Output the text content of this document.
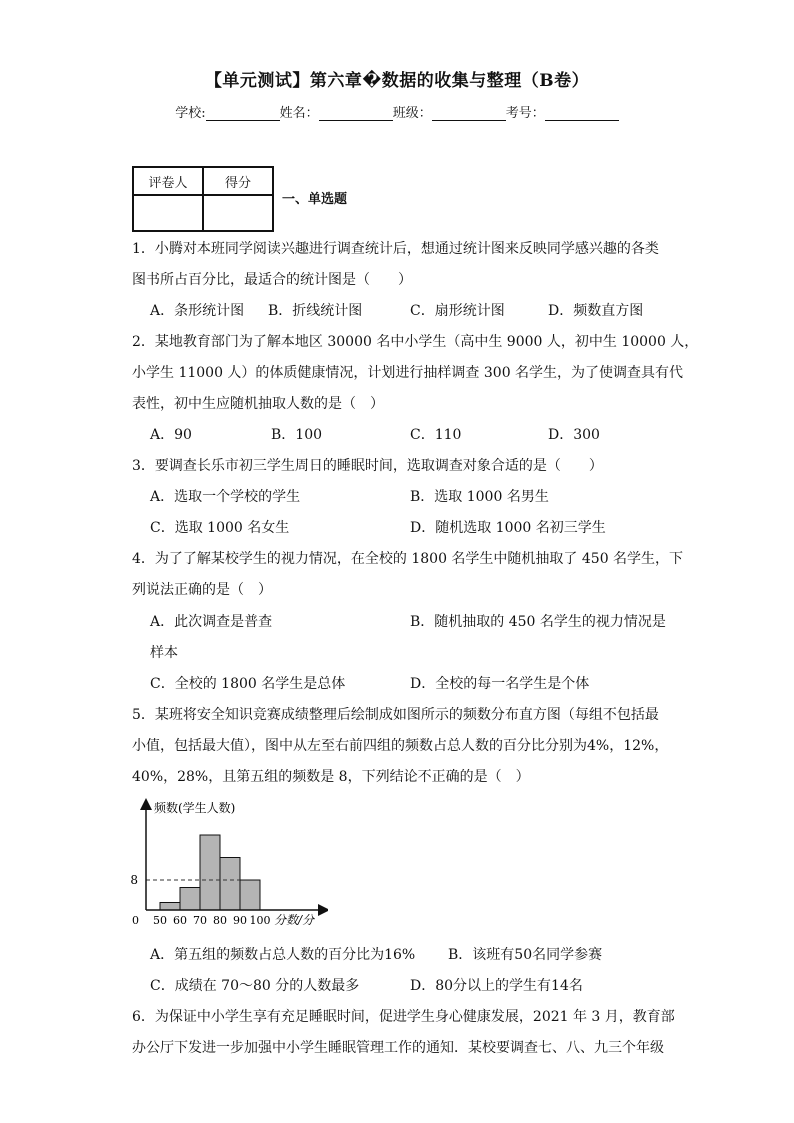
【单元测试】第六章�数据的收集与整理（B卷）
学校:	姓名：	班级：	考号：
评卷人	得分

一、单选题
1．小腾对本班同学阅读兴趣进行调查统计后，想通过统计图来反映同学感兴趣的各类
图书所占百分比，最适合的统计图是（　　）
A．条形统计图 B．折线统计图	C．扇形统计图	D．频数直方图
2．某地教育部门为了解本地区 30000 名中小学生（高中生 9000 人，初中生 10000 人，
小学生 11000 人）的体质健康情况，计划进行抽样调查 300 名学生，为了使调查具有代
表性，初中生应随机抽取人数的是（　）
A．90	B．100	C．110	D．300
3．要调查长乐市初三学生周日的睡眠时间，选取调查对象合适的是（　　）
A．选取一个学校的学生	B．选取 1000 名男生
C．选取 1000 名女生	D．随机选取 1000 名初三学生
4．为了了解某校学生的视力情况，在全校的 1800 名学生中随机抽取了 450 名学生，下
列说法正确的是（　）
A．此次调查是普查	B．随机抽取的 450 名学生的视力情况是
样本
C．全校的 1800 名学生是总体	D．全校的每一名学生是个体
5．某班将安全知识竞赛成绩整理后绘制成如图所示的频数分布直方图（每组不包括最
小值，包括最大值），图中从左至右前四组的频数占总人数的百分比分别为4%，12%，
40%，28%，且第五组的频数是 8，下列结论不正确的是（　）
频数(学生人数)
0
8
50 60 70 80 90 100 分数/分
A．第五组的频数占总人数的百分比为16% B．该班有50名同学参赛
C．成绩在 70～80 分的人数最多	D．80分以上的学生有14名
6．为保证中小学生享有充足睡眠时间，促进学生身心健康发展，2021 年 3 月，教育部
办公厅下发进一步加强中小学生睡眠管理工作的通知．某校要调查七、八、九三个年级
